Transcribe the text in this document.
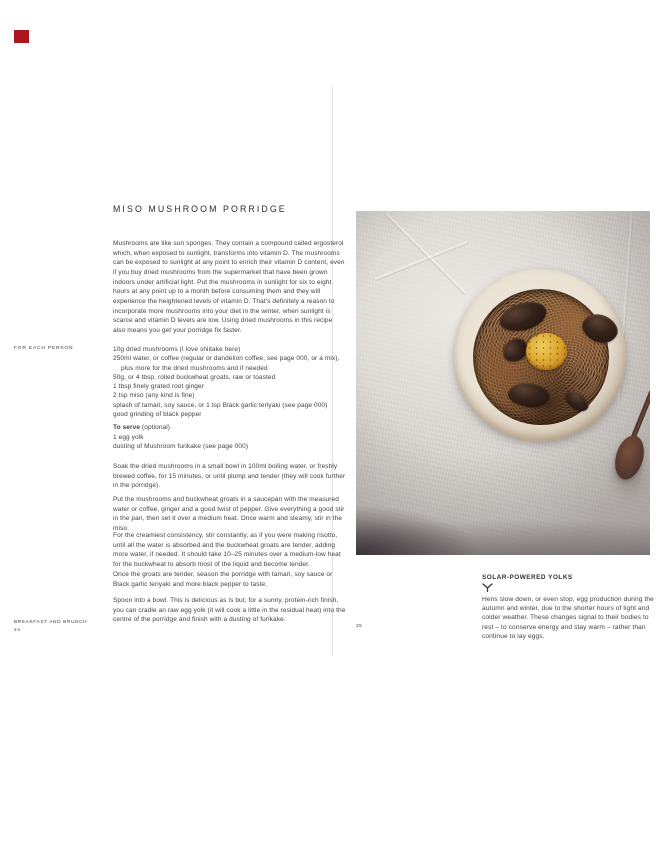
MISO MUSHROOM PORRIDGE

Mushrooms are like sun sponges. They contain a compound called ergosterol which, when exposed to sunlight, transforms into vitamin D. The mushrooms can be exposed to sunlight at any point to enrich their vitamin D content, even if you buy dried mushrooms from the supermarket that have been grown indoors under artificial light. Put the mushrooms in sunlight for six to eight hours at any point up to a month before consuming them and they will experience the heightened levels of vitamin D. That's definitely a reason to incorporate more mushrooms into your diet in the winter, when sunlight is scarce and vitamin D levels are low. Using dried mushrooms in this recipe also means you get your porridge fix faster.

FOR EACH PERSON	10g dried mushrooms (I love shiitake here)
250ml water, or coffee (regular or dandelion coffee, see page 000, or a mix), plus more for the dried mushrooms and if needed
50g, or 4 tbsp, rolled buckwheat groats, raw or toasted
1 tbsp finely grated root ginger
2 tsp miso (any kind is fine)
splash of tamari, soy sauce, or 1 tsp Black garlic teriyaki (see page 000)
good grinding of black pepper
To serve (optional)
1 egg yolk
dusting of Mushroom furikake (see page 000)

Soak the dried mushrooms in a small bowl in 100ml boiling water, or freshly brewed coffee, for 15 minutes, or until plump and tender (they will cook further in the porridge).

Put the mushrooms and buckwheat groats in a saucepan with the measured water or coffee, ginger and a good twist of pepper. Give everything a good stir in the pan, then set it over a medium heat. Once warm and steamy, stir in the miso.

For the creamiest consistency, stir constantly, as if you were making risotto, until all the water is absorbed and the buckwheat groats are tender, adding more water, if needed. It should take 10–25 minutes over a medium-low heat for the buckwheat to absorb most of the liquid and become tender.

Once the groats are tender, season the porridge with tamari, soy sauce or Black garlic teriyaki and more black pepper to taste.

Spoon into a bowl. This is delicious as is but, for a sunny, protein-rich finish, you can cradle an raw egg yolk (it will cook a little in the residual heat) into the centre of the porridge and finish with a dusting of furikake.

BREAKFAST AND BRUNCH
24
SOLAR-POWERED YOLKS

Hens slow down, or even stop, egg production during the autumn and winter, due to the shorter hours of light and colder weather. These changes signal to their bodies to rest – to conserve energy and stay warm – rather than continue to lay eggs.

25
